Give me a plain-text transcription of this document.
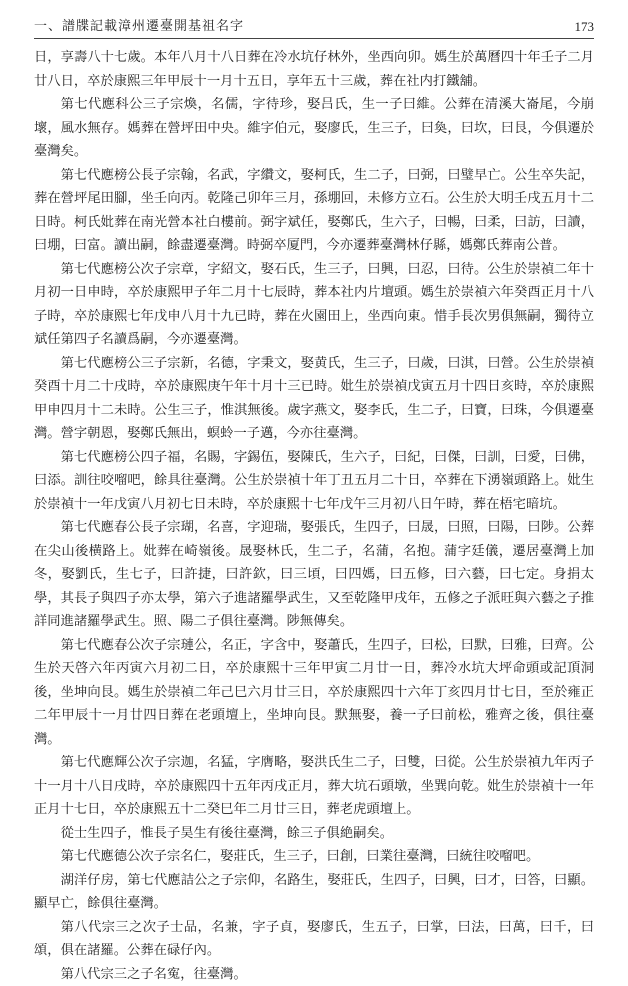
一、譜牒記載漳州遷臺開基祖名字	173

日，享壽八十七歲。本年八月十八日葬在冷水坑仔林外，坐西向卯。媽生於萬曆四十年壬子二月廿八日，卒於康熙三年甲辰十一月十五日，享年五十三歲，葬在社内打鐵舖。

第七代應科公三子宗煥，名儒，字待珍，娶吕氏，生一子曰維。公葬在清溪大崙尾，今崩壞，風水無存。媽葬在營坪田中央。維字伯元，娶廖氏，生三子，曰奐，曰坎，曰艮，今俱遷於臺灣矣。

第七代應榜公長子宗翰，名武，字纘文，娶柯氏，生二子，曰弼，曰璧早亡。公生卒失記，葬在營坪尾田腳，坐壬向丙。乾隆己卯年三月，孫堋回，未修方立石。公生於大明壬戌五月十二日時。柯氏妣葬在南光營本社白樓前。弼字斌任，娶鄭氏，生六子，曰暢，曰柔，曰訪，曰讀，曰堋，曰富。讀出嗣，餘盡遷臺灣。時弼卒厦門，今亦遷葬臺灣林仔縣，媽鄭氏葬南公普。

第七代應榜公次子宗章，字紹文，娶石氏，生三子，曰興，曰忍，曰待。公生於崇禎二年十月初一日申時，卒於康熙甲子年二月十七辰時，葬本社内片壇頭。媽生於崇禎六年癸酉正月十八子時，卒於康熙七年戊申八月十九已時，葬在火園田上，坐西向東。惜手長次男俱無嗣，獨待立斌任第四子名讀爲嗣，今亦遷臺灣。

第七代應榜公三子宗新，名德，字秉文，娶黄氏，生三子，曰歲，曰淇，曰營。公生於崇禎癸酉十月二十戌時，卒於康熙庚午年十月十三已時。妣生於崇禎戊寅五月十四日亥時，卒於康熙甲申四月十二未時。公生三子，惟淇無後。歲字燕文，娶李氏，生二子，曰寶，曰珠，今俱遷臺灣。營字朝恩，娶鄭氏無出，螟蛉一子邁，今亦往臺灣。

第七代應榜公四子福，名賜，字錫伍，娶陳氏，生六子，曰紀，曰傑，曰訓，曰愛，曰佛，曰添。訓往咬𠺕吧，餘具往臺灣。公生於崇禎十年丁丑五月二十日，卒葬在下湧嶺頭路上。妣生於崇禎十一年戊寅八月初七日未時，卒於康熙十七年戊午三月初八日午時，葬在梧宅暗坑。

第七代應春公長子宗瑚，名喜，字迎瑞，娶張氏，生四子，曰晟，曰照，曰陽，曰陟。公葬在尖山後横路上。妣葬在崎嶺後。晟娶林氏，生二子，名蒲，名抱。蒲字廷儀，遷居臺灣上加冬，娶劉氏，生七子，曰許捷，曰許欽，曰三頃，曰四媽，曰五修，曰六藝，曰七定。身捐太學，其長子與四子亦太學，第六子進諸羅學武生，又至乾隆甲戌年，五修之子派旺與六藝之子推詳同進諸羅學武生。照、陽二子俱往臺灣。陟無傳矣。

第七代應春公次子宗璉公，名正，字含中，娶蕭氏，生四子，曰松，曰默，曰雅，曰齊。公生於天啓六年丙寅六月初二日，卒於康熙十三年甲寅二月廿一日，葬冷水坑大坪命頭或記頂洞後，坐坤向艮。媽生於崇禎二年己巳六月廿三日，卒於康熙四十六年丁亥四月廿七日，至於雍正二年甲辰十一月廿四日葬在老頭壇上，坐坤向艮。默無娶，養一子曰前松，雅齊之後，俱往臺灣。

第七代應輝公次子宗迦，名猛，字膺略，娶洪氏生二子，曰雙，曰從。公生於崇禎九年丙子十一月十八日戌時，卒於康熙四十五年丙戌正月，葬大坑石頭墩，坐巽向乾。妣生於崇禎十一年正月十七日，卒於康熙五十二癸巳年二月廿三日，葬老虎頭壇上。

從士生四子，惟長子昊生有後往臺灣，餘三子俱絶嗣矣。

第七代應德公次子宗名仁，娶莊氏，生三子，曰創，曰業往臺灣，曰統往咬𠺕吧。

湖洋仔房，第七代應詰公之子宗仰，名路生，娶莊氏，生四子，曰興，曰才，曰答，曰顯。顯早亡，餘俱往臺灣。

第八代宗三之次子士品，名兼，字子貞，娶廖氏，生五子，曰掌，曰法，曰萬，曰千，曰頌，俱在諸羅。公葬在碌仔內。

第八代宗三之子名寃，往臺灣。
